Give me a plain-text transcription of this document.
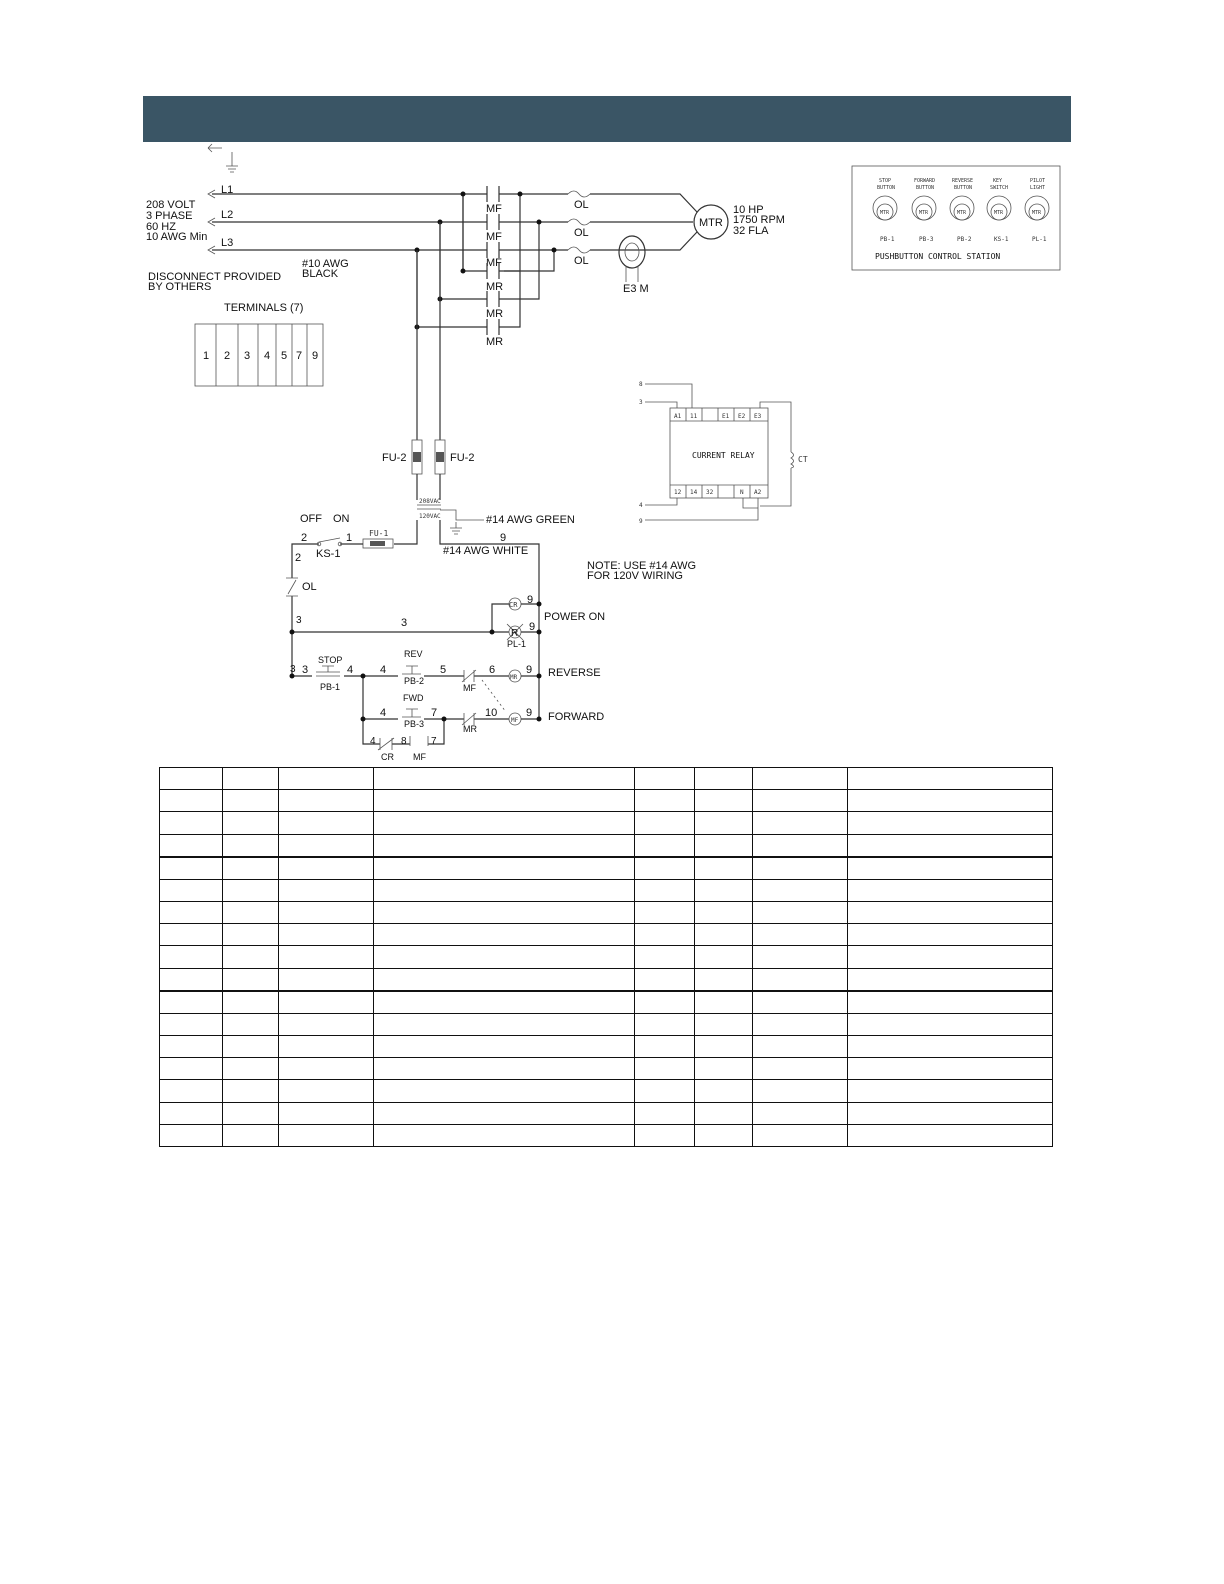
L1
L2
L3
208 VOLT
3 PHASE
60 HZ
10 AWG Min
DISCONNECT PROVIDED
BY OTHERS
#10 AWG
BLACK
TERMINALS (7)
1 2 3 4 5 7 9
MF
MF
MF
MR
MR
MR
OL
OL
OL
E3 M
MTR
10 HP
1750 RPM
32 FLA
FU-2	FU-2
208VAC
120VAC	#14 AWG GREEN
OFF ON
KS-1
FU-1
#14 AWG WHITE
NOTE: USE #14 AWG
FOR 120V WIRING
OL
CR
R
PL-1
POWER ON
STOP
PB-1
REV
PB-2
FWD
PB-3
MF
MR
MR
MF
REVERSE
FORWARD
CR MF
2	1
2
9
3	3
9
9
3 3	4 4	5	6	9
4	7	10	9
4	8 7
A1 11	E1 E2 E3
12 14 32	N A2
CURRENT RELAY
8
3
4
9
CT
STOP
BUTTON
MTR
PB-1
FORWARD
BUTTON
MTR
PB-3
REVERSE
BUTTON
MTR
PB-2
KEY
SWITCH
MTR
KS-1
PILOT
LIGHT
MTR
PL-1
PUSHBUTTON CONTROL STATION
